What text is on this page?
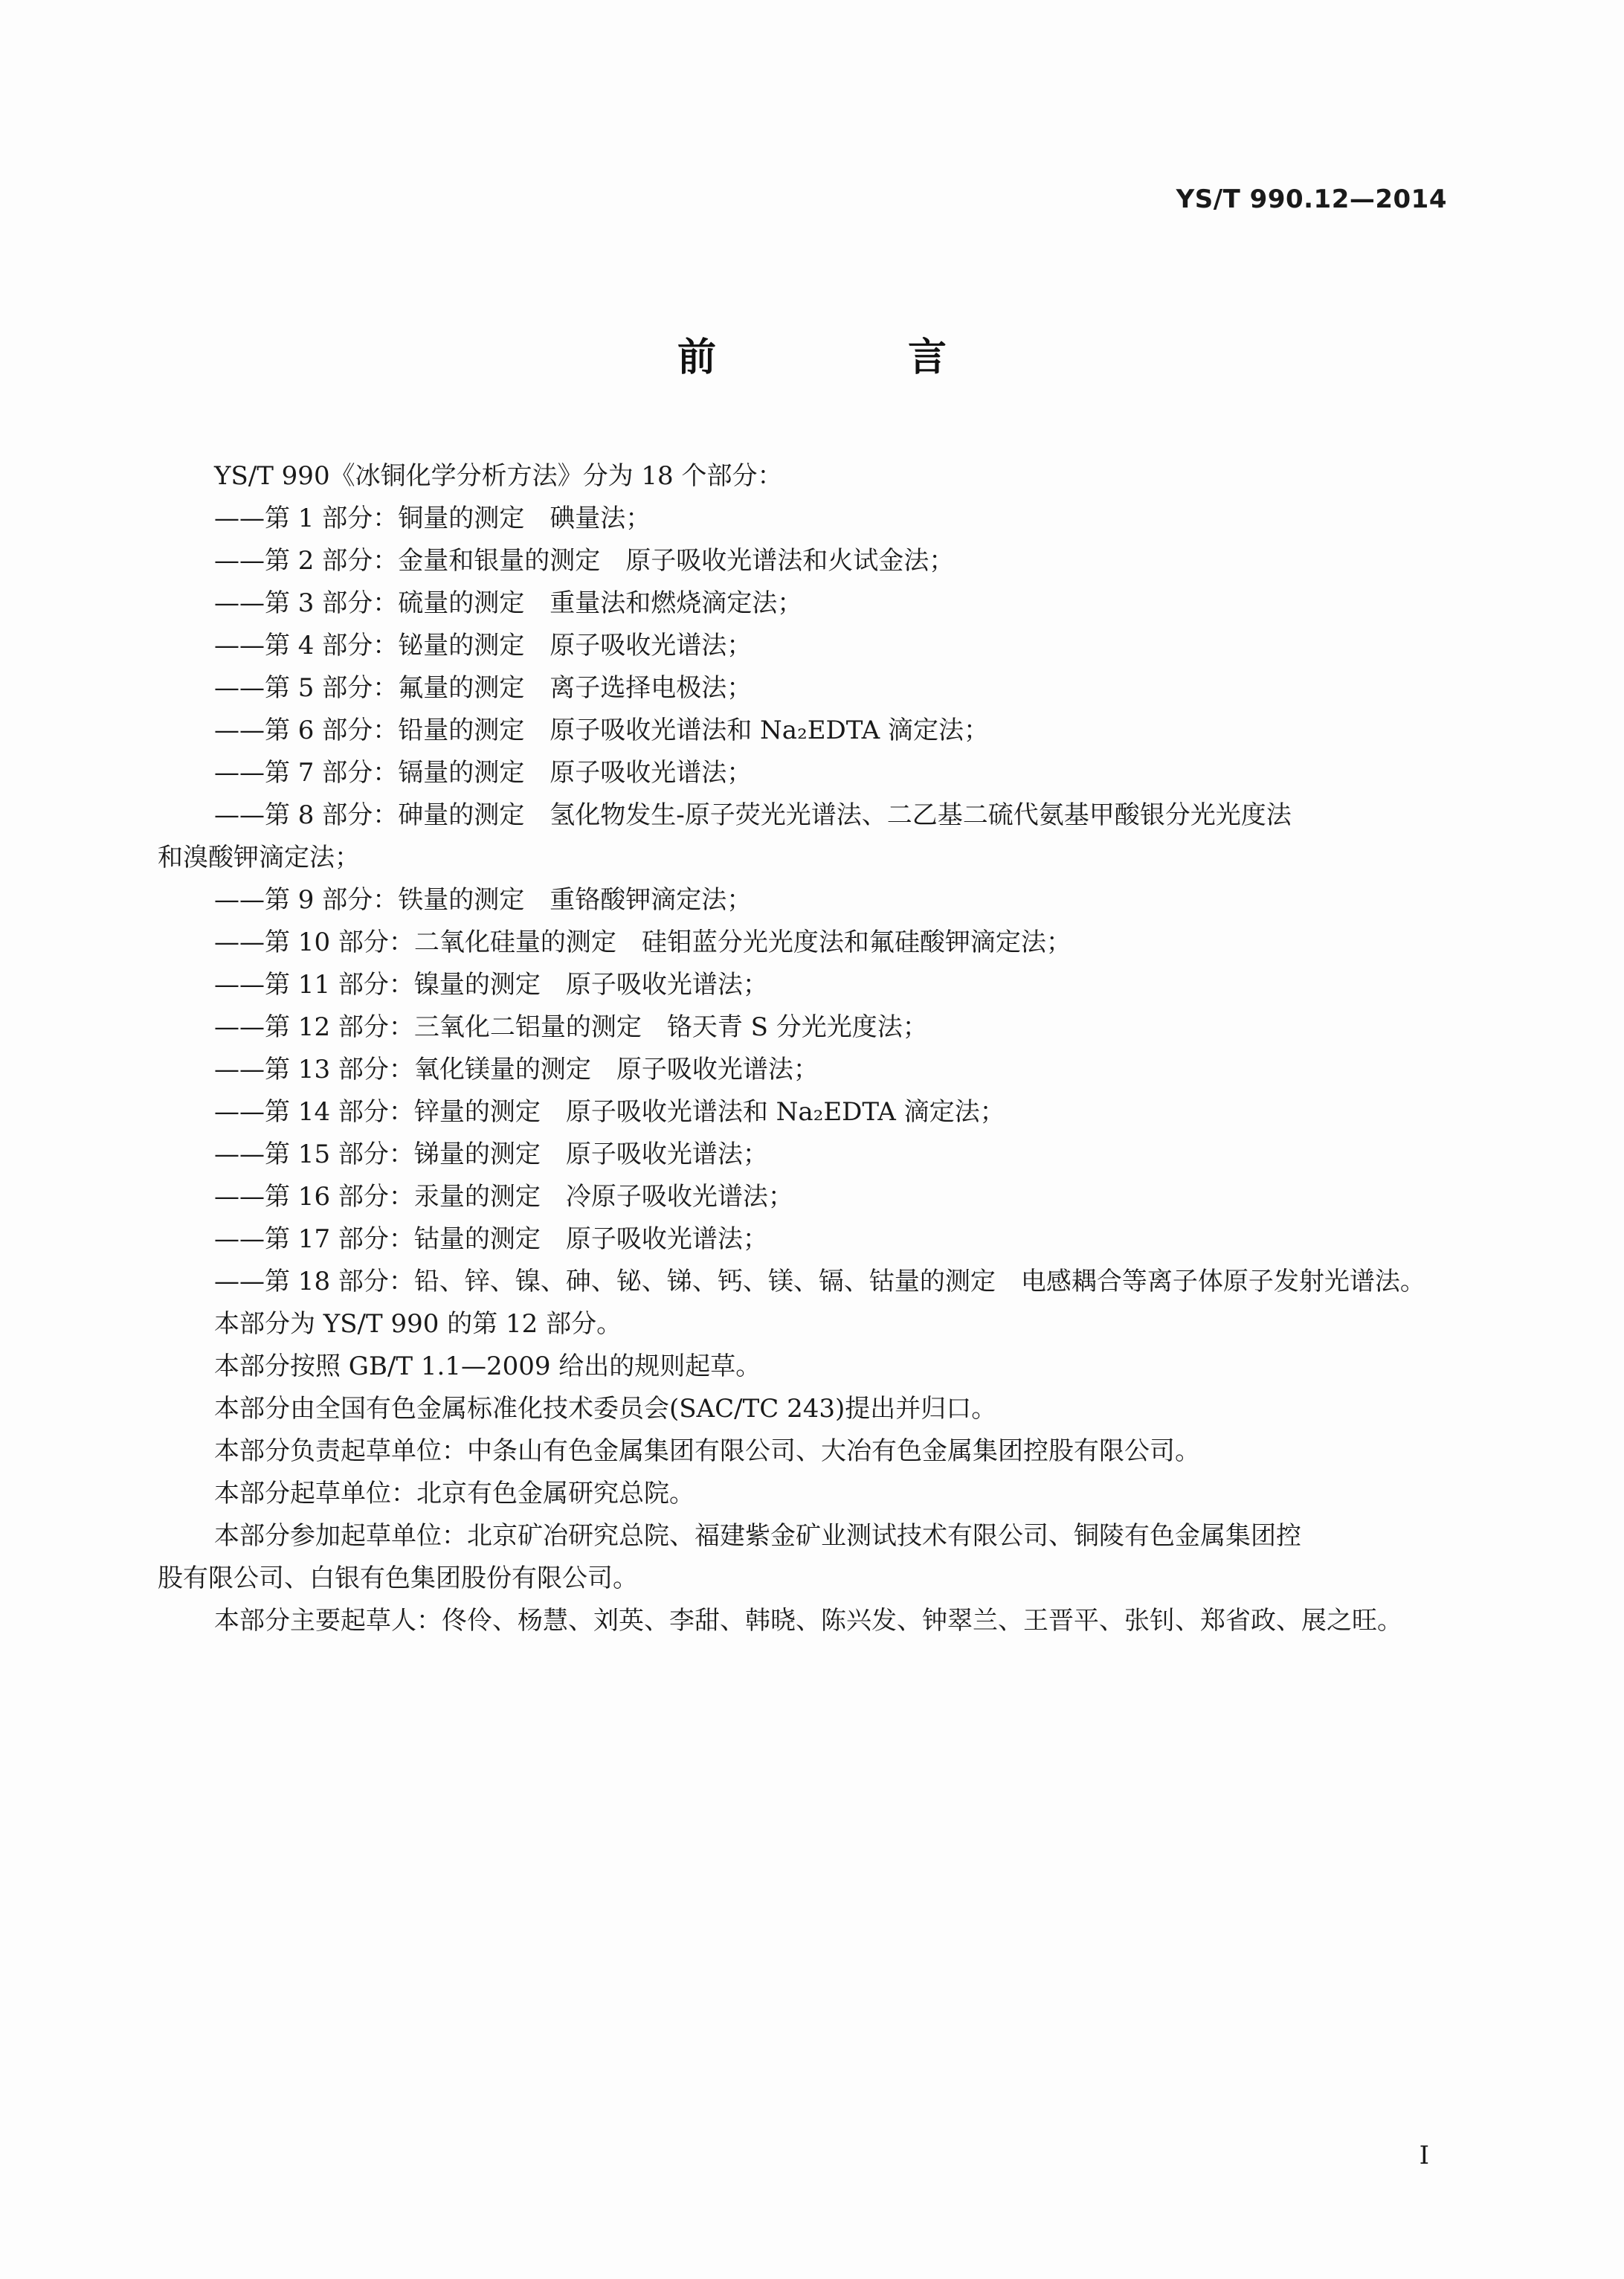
YS/T 990.12—2014
前 言
YS/T 990《冰铜化学分析方法》分为 18 个部分：
——第 1 部分：铜量的测定　碘量法；
——第 2 部分：金量和银量的测定　原子吸收光谱法和火试金法；
——第 3 部分：硫量的测定　重量法和燃烧滴定法；
——第 4 部分：铋量的测定　原子吸收光谱法；
——第 5 部分：氟量的测定　离子选择电极法；
——第 6 部分：铅量的测定　原子吸收光谱法和 Na₂EDTA 滴定法；
——第 7 部分：镉量的测定　原子吸收光谱法；
——第 8 部分：砷量的测定　氢化物发生-原子荧光光谱法、二乙基二硫代氨基甲酸银分光光度法
和溴酸钾滴定法；
——第 9 部分：铁量的测定　重铬酸钾滴定法；
——第 10 部分：二氧化硅量的测定　硅钼蓝分光光度法和氟硅酸钾滴定法；
——第 11 部分：镍量的测定　原子吸收光谱法；
——第 12 部分：三氧化二铝量的测定　铬天青 S 分光光度法；
——第 13 部分：氧化镁量的测定　原子吸收光谱法；
——第 14 部分：锌量的测定　原子吸收光谱法和 Na₂EDTA 滴定法；
——第 15 部分：锑量的测定　原子吸收光谱法；
——第 16 部分：汞量的测定　冷原子吸收光谱法；
——第 17 部分：钴量的测定　原子吸收光谱法；
——第 18 部分：铅、锌、镍、砷、铋、锑、钙、镁、镉、钴量的测定　电感耦合等离子体原子发射光谱法。
本部分为 YS/T 990 的第 12 部分。
本部分按照 GB/T 1.1—2009 给出的规则起草。
本部分由全国有色金属标准化技术委员会(SAC/TC 243)提出并归口。
本部分负责起草单位：中条山有色金属集团有限公司、大冶有色金属集团控股有限公司。
本部分起草单位：北京有色金属研究总院。
本部分参加起草单位：北京矿冶研究总院、福建紫金矿业测试技术有限公司、铜陵有色金属集团控
股有限公司、白银有色集团股份有限公司。
本部分主要起草人：佟伶、杨慧、刘英、李甜、韩晓、陈兴发、钟翠兰、王晋平、张钊、郑省政、展之旺。
I
